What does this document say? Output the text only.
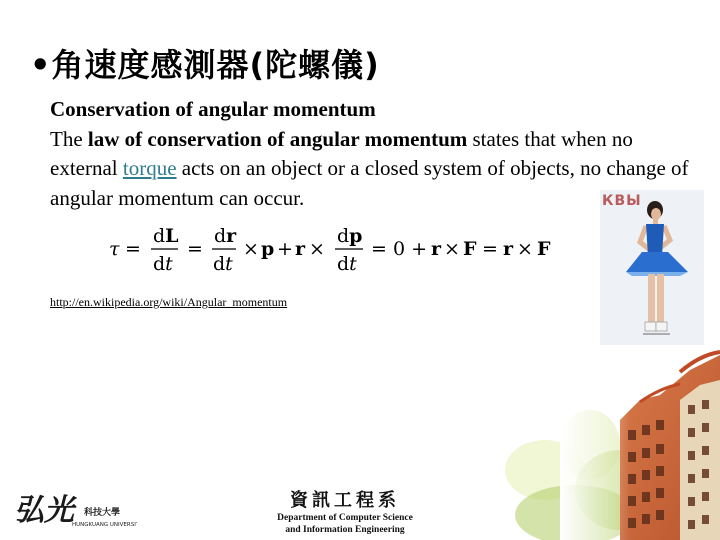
•角速度感測器(陀螺儀)
Conservation of angular momentum
The law of conservation of angular momentum states that when no external torque acts on an object or a closed system of objects, no change of angular momentum can occur.
τ =
dL
dt
=
dr
dt
× p + r ×
dp
dt
= 0 + r × F = r × F
http://en.wikipedia.org/wiki/Angular_momentum
КВЫ
弘光	科技大學
HUNGKUANG UNIVERSITY
資訊工程系
Department of Computer Science
and Information Engineering
